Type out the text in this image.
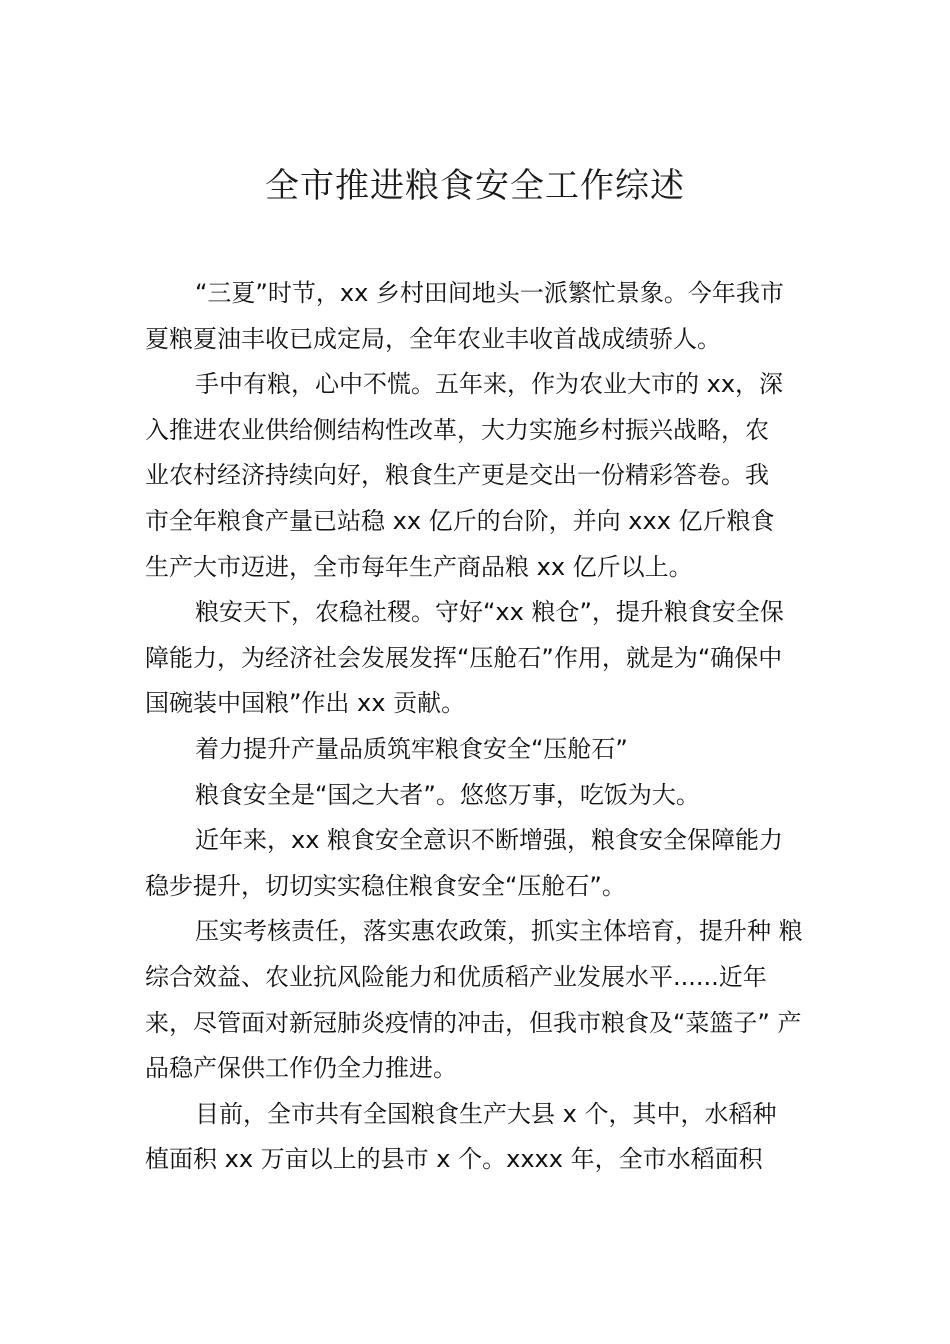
全市推进粮食安全工作综述
“三夏”时节，xx 乡村田间地头一派繁忙景象。今年我市
夏粮夏油丰收已成定局，全年农业丰收首战成绩骄人。
手中有粮，心中不慌。五年来，作为农业大市的 xx，深
入推进农业供给侧结构性改革，大力实施乡村振兴战略，农
业农村经济持续向好，粮食生产更是交出一份精彩答卷。我
市全年粮食产量已站稳 xx 亿斤的台阶，并向 xxx 亿斤粮食
生产大市迈进，全市每年生产商品粮 xx 亿斤以上。
粮安天下，农稳社稷。守好“xx 粮仓”，提升粮食安全保
障能力，为经济社会发展发挥“压舱石”作用，就是为“确保中
国碗装中国粮”作出 xx 贡献。
着力提升产量品质筑牢粮食安全“压舱石”
粮食安全是“国之大者”。悠悠万事，吃饭为大。
近年来，xx 粮食安全意识不断增强，粮食安全保障能力
稳步提升，切切实实稳住粮食安全“压舱石”。
压实考核责任，落实惠农政策，抓实主体培育，提升种 粮
综合效益、农业抗风险能力和优质稻产业发展水平......近年
来，尽管面对新冠肺炎疫情的冲击，但我市粮食及“菜篮子” 产
品稳产保供工作仍全力推进。
目前，全市共有全国粮食生产大县 x 个，其中，水稻种
植面积 xx 万亩以上的县市 x 个。xxxx 年，全市水稻面积
